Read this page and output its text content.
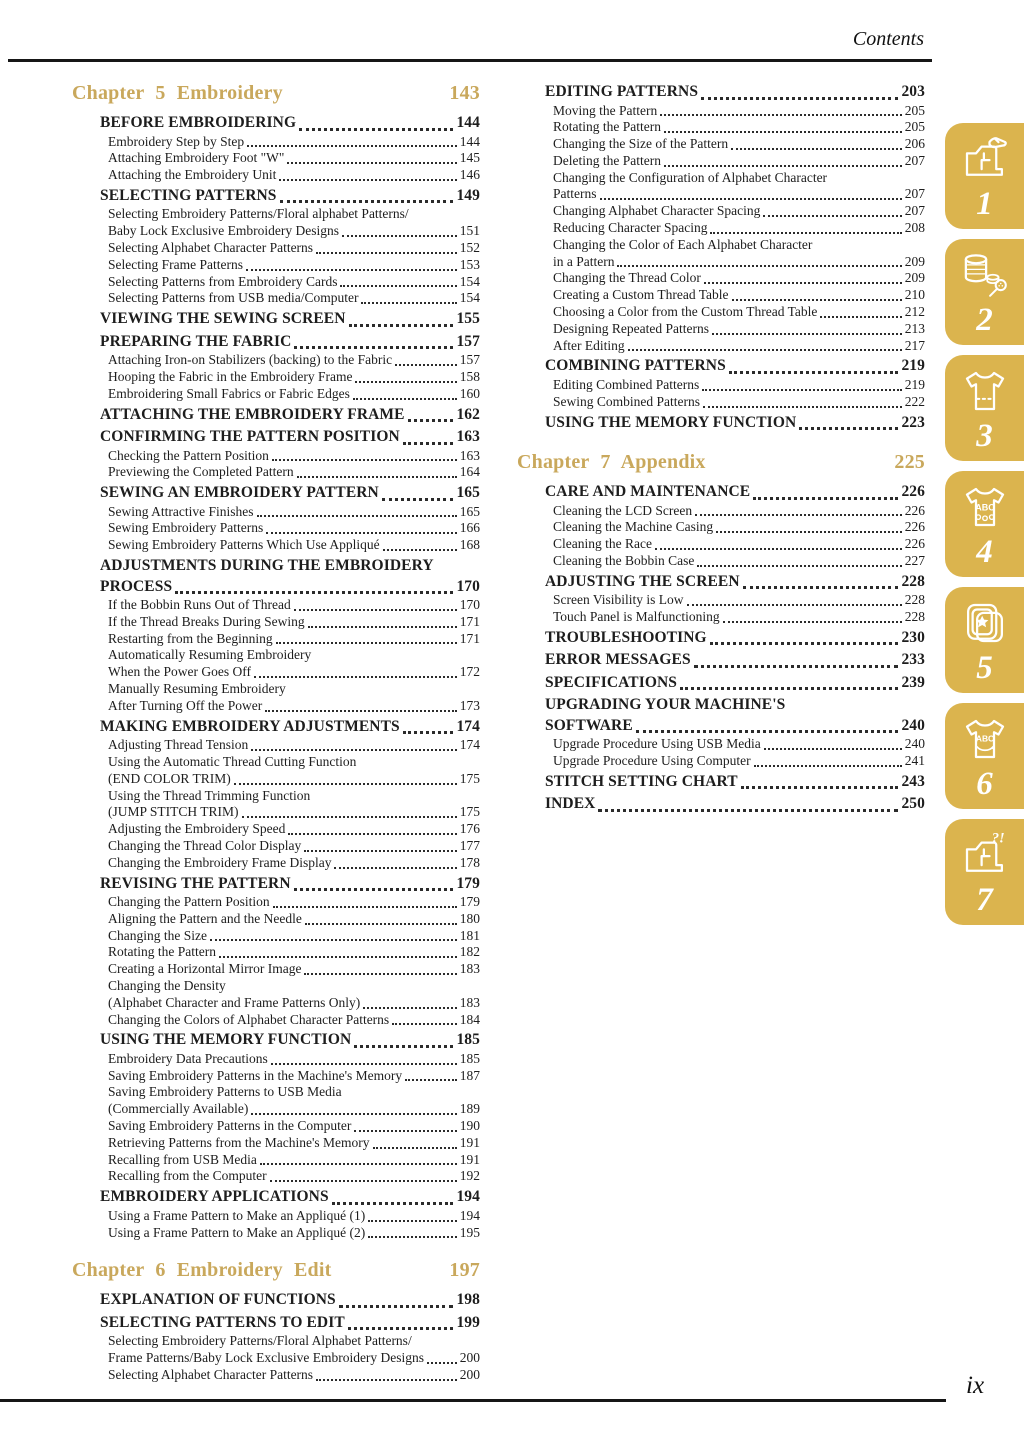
Contents
Chapter 5 Embroidery	143
BEFORE EMBROIDERING	144
Embroidery Step by Step	144
Attaching Embroidery Foot "W"	145
Attaching the Embroidery Unit	146
SELECTING PATTERNS	149
Selecting Embroidery Patterns/Floral alphabet Patterns/
Baby Lock Exclusive Embroidery Designs	151
Selecting Alphabet Character Patterns	152
Selecting Frame Patterns	153
Selecting Patterns from Embroidery Cards	154
Selecting Patterns from USB media/Computer	154
VIEWING THE SEWING SCREEN	155
PREPARING THE FABRIC	157
Attaching Iron-on Stabilizers (backing) to the Fabric	157
Hooping the Fabric in the Embroidery Frame	158
Embroidering Small Fabrics or Fabric Edges	160
ATTACHING THE EMBROIDERY FRAME	162
CONFIRMING THE PATTERN POSITION	163
Checking the Pattern Position	163
Previewing the Completed Pattern	164
SEWING AN EMBROIDERY PATTERN	165
Sewing Attractive Finishes	165
Sewing Embroidery Patterns	166
Sewing Embroidery Patterns Which Use Appliqué	168
ADJUSTMENTS DURING THE EMBROIDERY
PROCESS	170
If the Bobbin Runs Out of Thread	170
If the Thread Breaks During Sewing	171
Restarting from the Beginning	171
Automatically Resuming Embroidery
When the Power Goes Off	172
Manually Resuming Embroidery
After Turning Off the Power	173
MAKING EMBROIDERY ADJUSTMENTS	174
Adjusting Thread Tension	174
Using the Automatic Thread Cutting Function
(END COLOR TRIM)	175
Using the Thread Trimming Function
(JUMP STITCH TRIM)	175
Adjusting the Embroidery Speed	176
Changing the Thread Color Display	177
Changing the Embroidery Frame Display	178
REVISING THE PATTERN	179
Changing the Pattern Position	179
Aligning the Pattern and the Needle	180
Changing the Size	181
Rotating the Pattern	182
Creating a Horizontal Mirror Image	183
Changing the Density
(Alphabet Character and Frame Patterns Only)	183
Changing the Colors of Alphabet Character Patterns	184
USING THE MEMORY FUNCTION	185
Embroidery Data Precautions	185
Saving Embroidery Patterns in the Machine's Memory	187
Saving Embroidery Patterns to USB Media
(Commercially Available)	189
Saving Embroidery Patterns in the Computer	190
Retrieving Patterns from the Machine's Memory	191
Recalling from USB Media	191
Recalling from the Computer	192
EMBROIDERY APPLICATIONS	194
Using a Frame Pattern to Make an Appliqué (1)	194
Using a Frame Pattern to Make an Appliqué (2)	195
Chapter 6 Embroidery Edit	197
EXPLANATION OF FUNCTIONS	198
SELECTING PATTERNS TO EDIT	199
Selecting Embroidery Patterns/Floral Alphabet Patterns/
Frame Patterns/Baby Lock Exclusive Embroidery Designs	200
Selecting Alphabet Character Patterns	200
EDITING PATTERNS	203
Moving the Pattern	205
Rotating the Pattern	205
Changing the Size of the Pattern	206
Deleting the Pattern	207
Changing the Configuration of Alphabet Character
Patterns	207
Changing Alphabet Character Spacing	207
Reducing Character Spacing	208
Changing the Color of Each Alphabet Character
in a Pattern	209
Changing the Thread Color	209
Creating a Custom Thread Table	210
Choosing a Color from the Custom Thread Table	212
Designing Repeated Patterns	213
After Editing	217
COMBINING PATTERNS	219
Editing Combined Patterns	219
Sewing Combined Patterns	222
USING THE MEMORY FUNCTION	223
Chapter 7 Appendix	225
CARE AND MAINTENANCE	226
Cleaning the LCD Screen	226
Cleaning the Machine Casing	226
Cleaning the Race	226
Cleaning the Bobbin Case	227
ADJUSTING THE SCREEN	228
Screen Visibility is Low	228
Touch Panel is Malfunctioning	228
TROUBLESHOOTING	230
ERROR MESSAGES	233
SPECIFICATIONS	239
UPGRADING YOUR MACHINE'S
SOFTWARE	240
Upgrade Procedure Using USB Media	240
Upgrade Procedure Using Computer	241
STITCH SETTING CHART	243
INDEX	250
1
2
3
ABC
4
5
ABC
6
?!
7
ix
